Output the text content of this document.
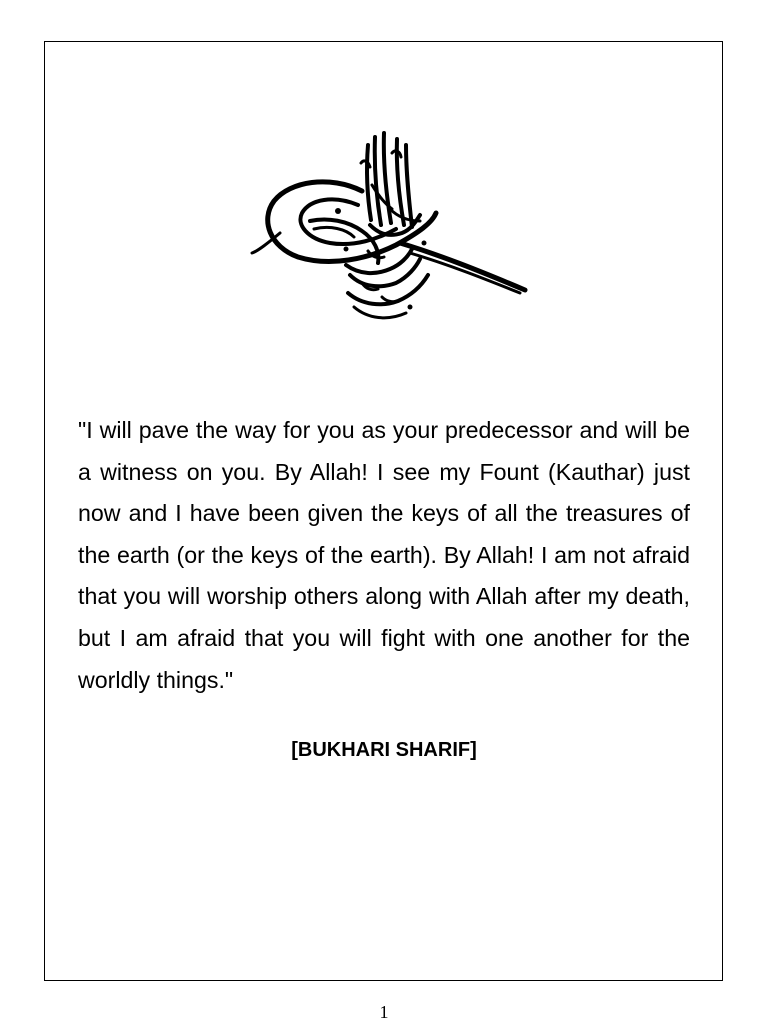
"I will pave the way for you as your predecessor and will be a witness on you. By Allah! I see my Fount (Kauthar) just now and I have been given the keys of all the treasures of the earth (or the keys of the earth). By Allah! I am not afraid that you will worship others along with Allah after my death, but I am afraid that you will fight with one another for the worldly things."

[BUKHARI SHARIF]

1
